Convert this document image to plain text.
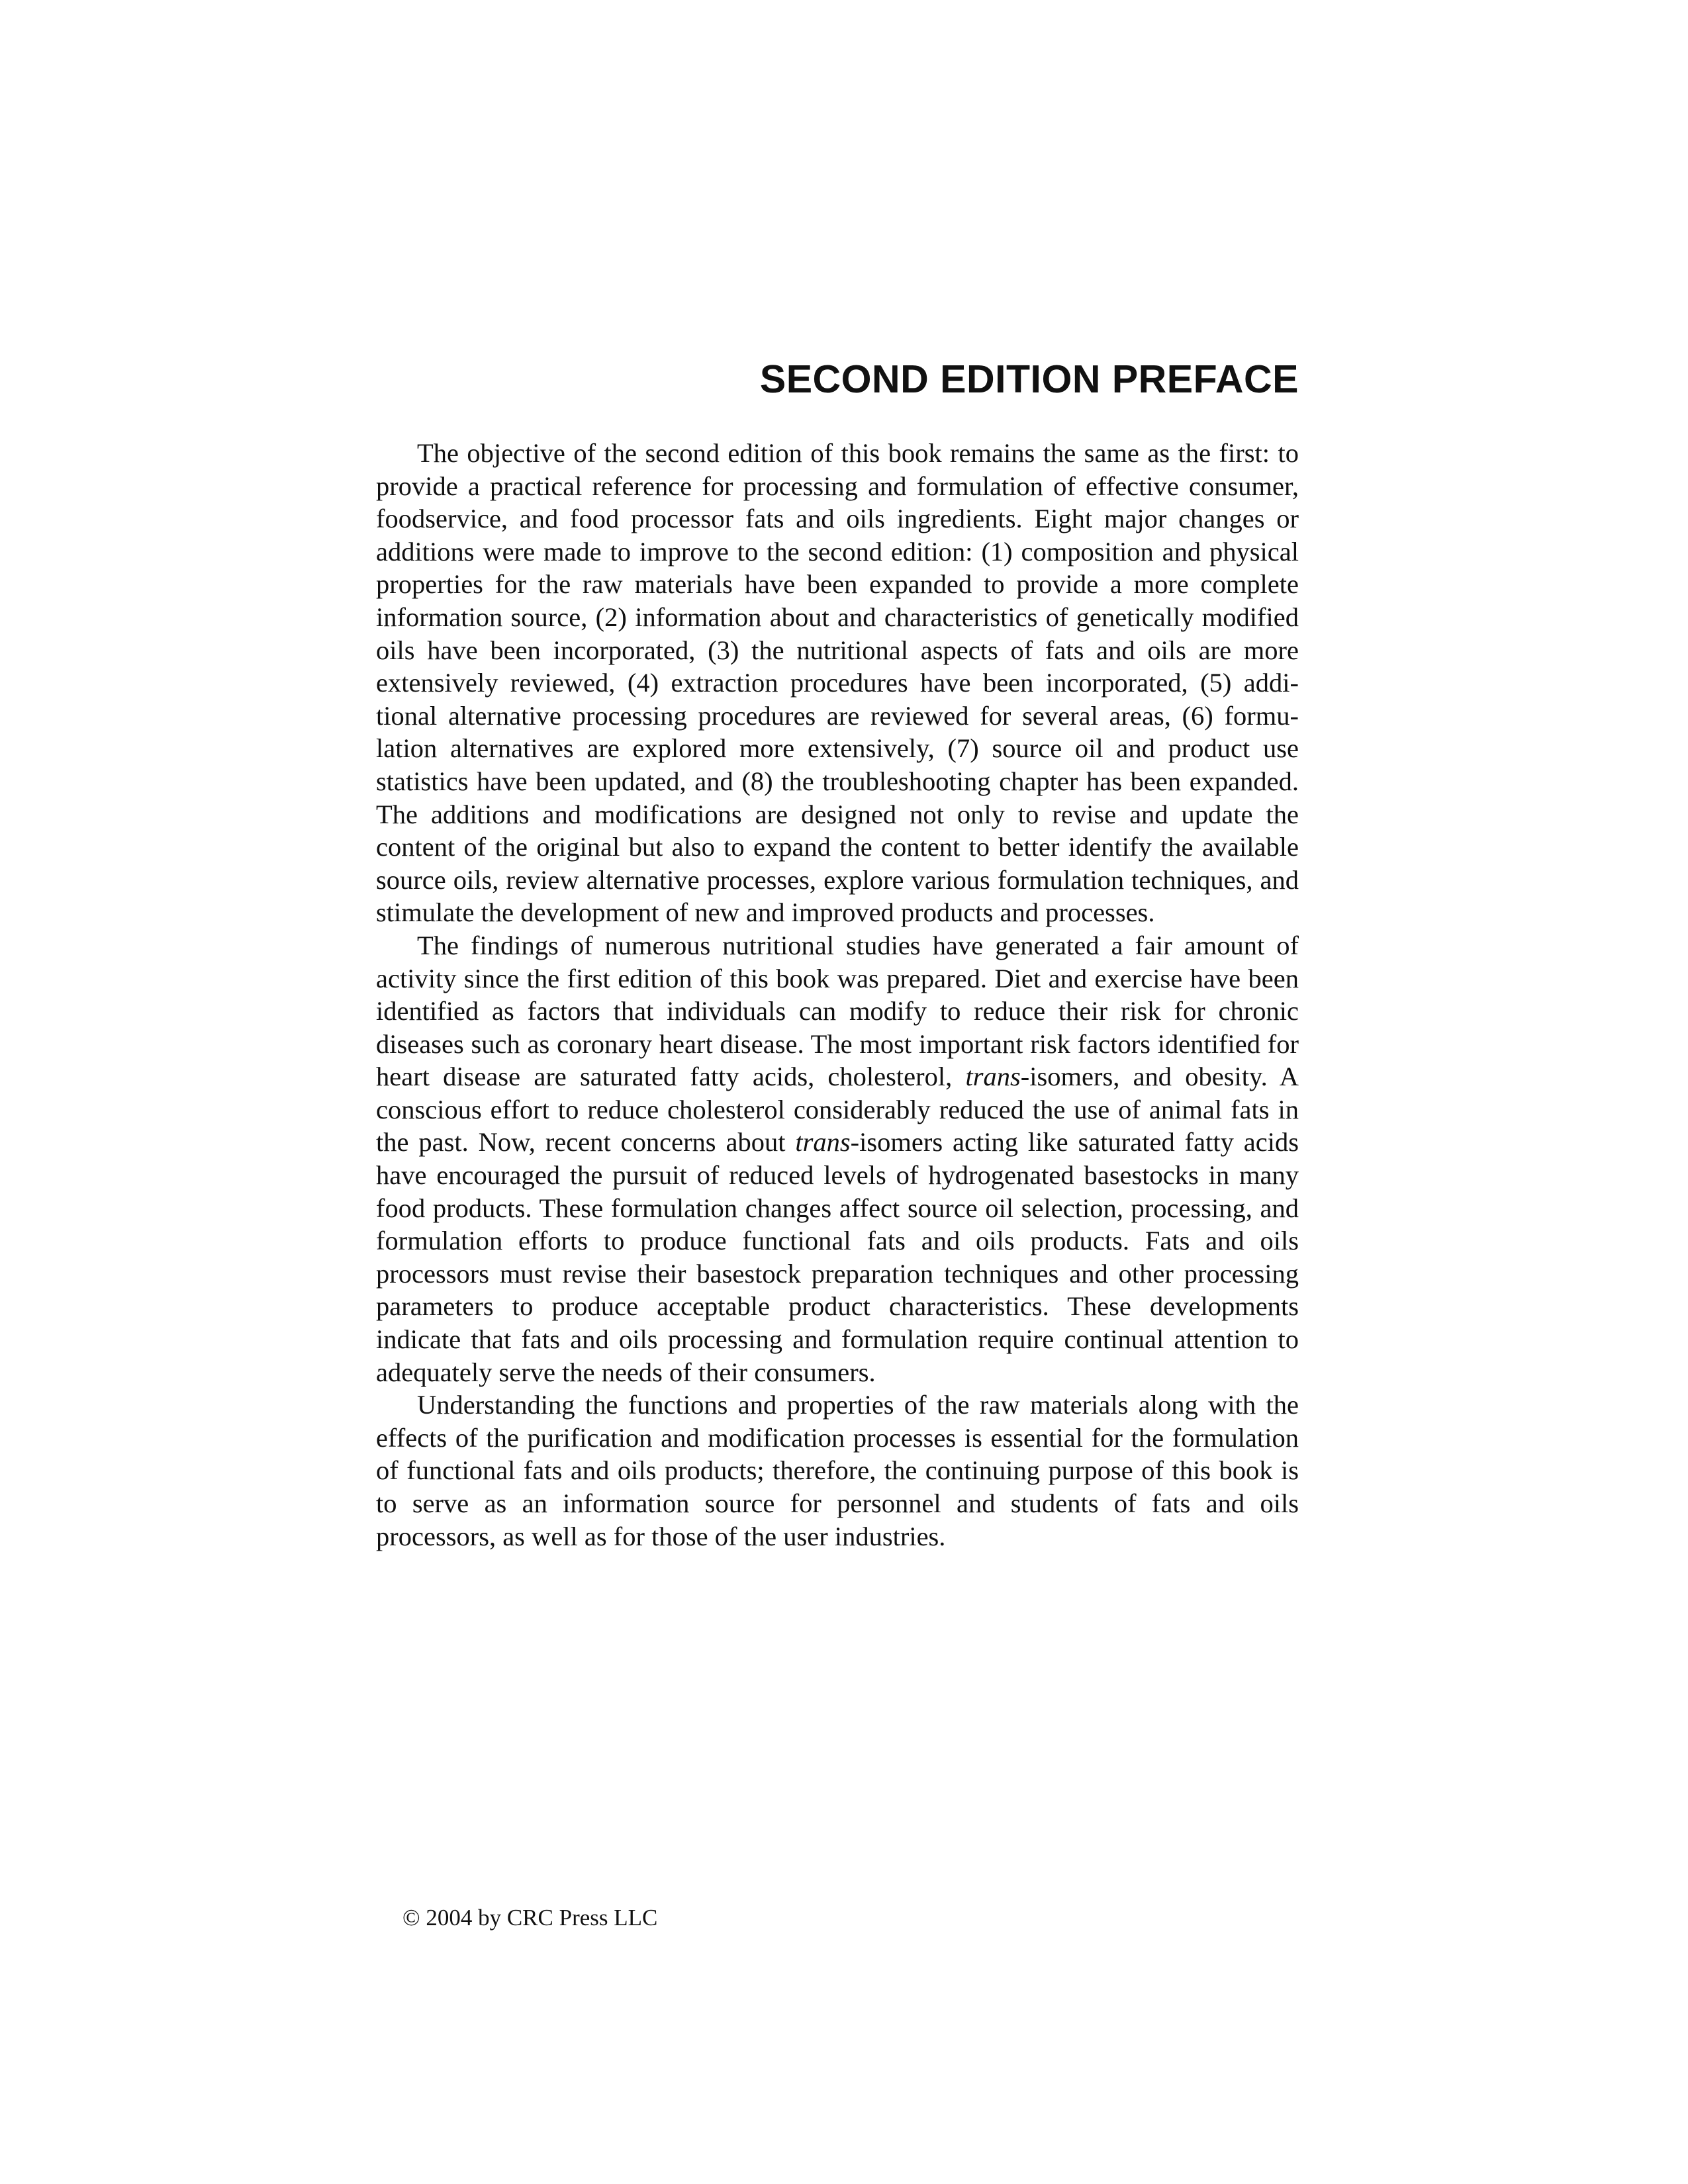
SECOND EDITION PREFACE

The objective of the second edition of this book remains the same as the first: to provide a practical reference for processing and formulation of effective consumer, foodservice, and food processor fats and oils ingredients. Eight major changes or additions were made to improve to the second edition: (1) composition and physical properties for the raw materials have been expanded to provide a more complete information source, (2) information about and characteristics of genetically modified oils have been incorporated, (3) the nutritional aspects of fats and oils are more extensively reviewed, (4) extraction procedures have been incorporated, (5) additional alternative processing procedures are reviewed for several areas, (6) formulation alternatives are explored more extensively, (7) source oil and product use statistics have been updated, and (8) the troubleshooting chapter has been expanded. The additions and modifications are designed not only to revise and update the content of the original but also to expand the content to better identify the available source oils, review alternative processes, explore various formulation techniques, and stimulate the development of new and improved products and processes.

The findings of numerous nutritional studies have generated a fair amount of activity since the first edition of this book was prepared. Diet and exercise have been identified as factors that individuals can modify to reduce their risk for chronic diseases such as coronary heart disease. The most important risk factors identified for heart disease are saturated fatty acids, cholesterol, trans-isomers, and obesity. A conscious effort to reduce cholesterol considerably reduced the use of animal fats in the past. Now, recent concerns about trans-isomers acting like saturated fatty acids have encouraged the pursuit of reduced levels of hydrogenated basestocks in many food products. These formulation changes affect source oil selection, processing, and formulation efforts to produce functional fats and oils products. Fats and oils processors must revise their basestock preparation techniques and other processing parameters to produce acceptable product characteristics. These developments indicate that fats and oils processing and formulation require continual attention to adequately serve the needs of their consumers.

Understanding the functions and properties of the raw materials along with the effects of the purification and modification processes is essential for the formulation of functional fats and oils products; therefore, the continuing purpose of this book is to serve as an information source for personnel and students of fats and oils processors, as well as for those of the user industries.

© 2004 by CRC Press LLC
